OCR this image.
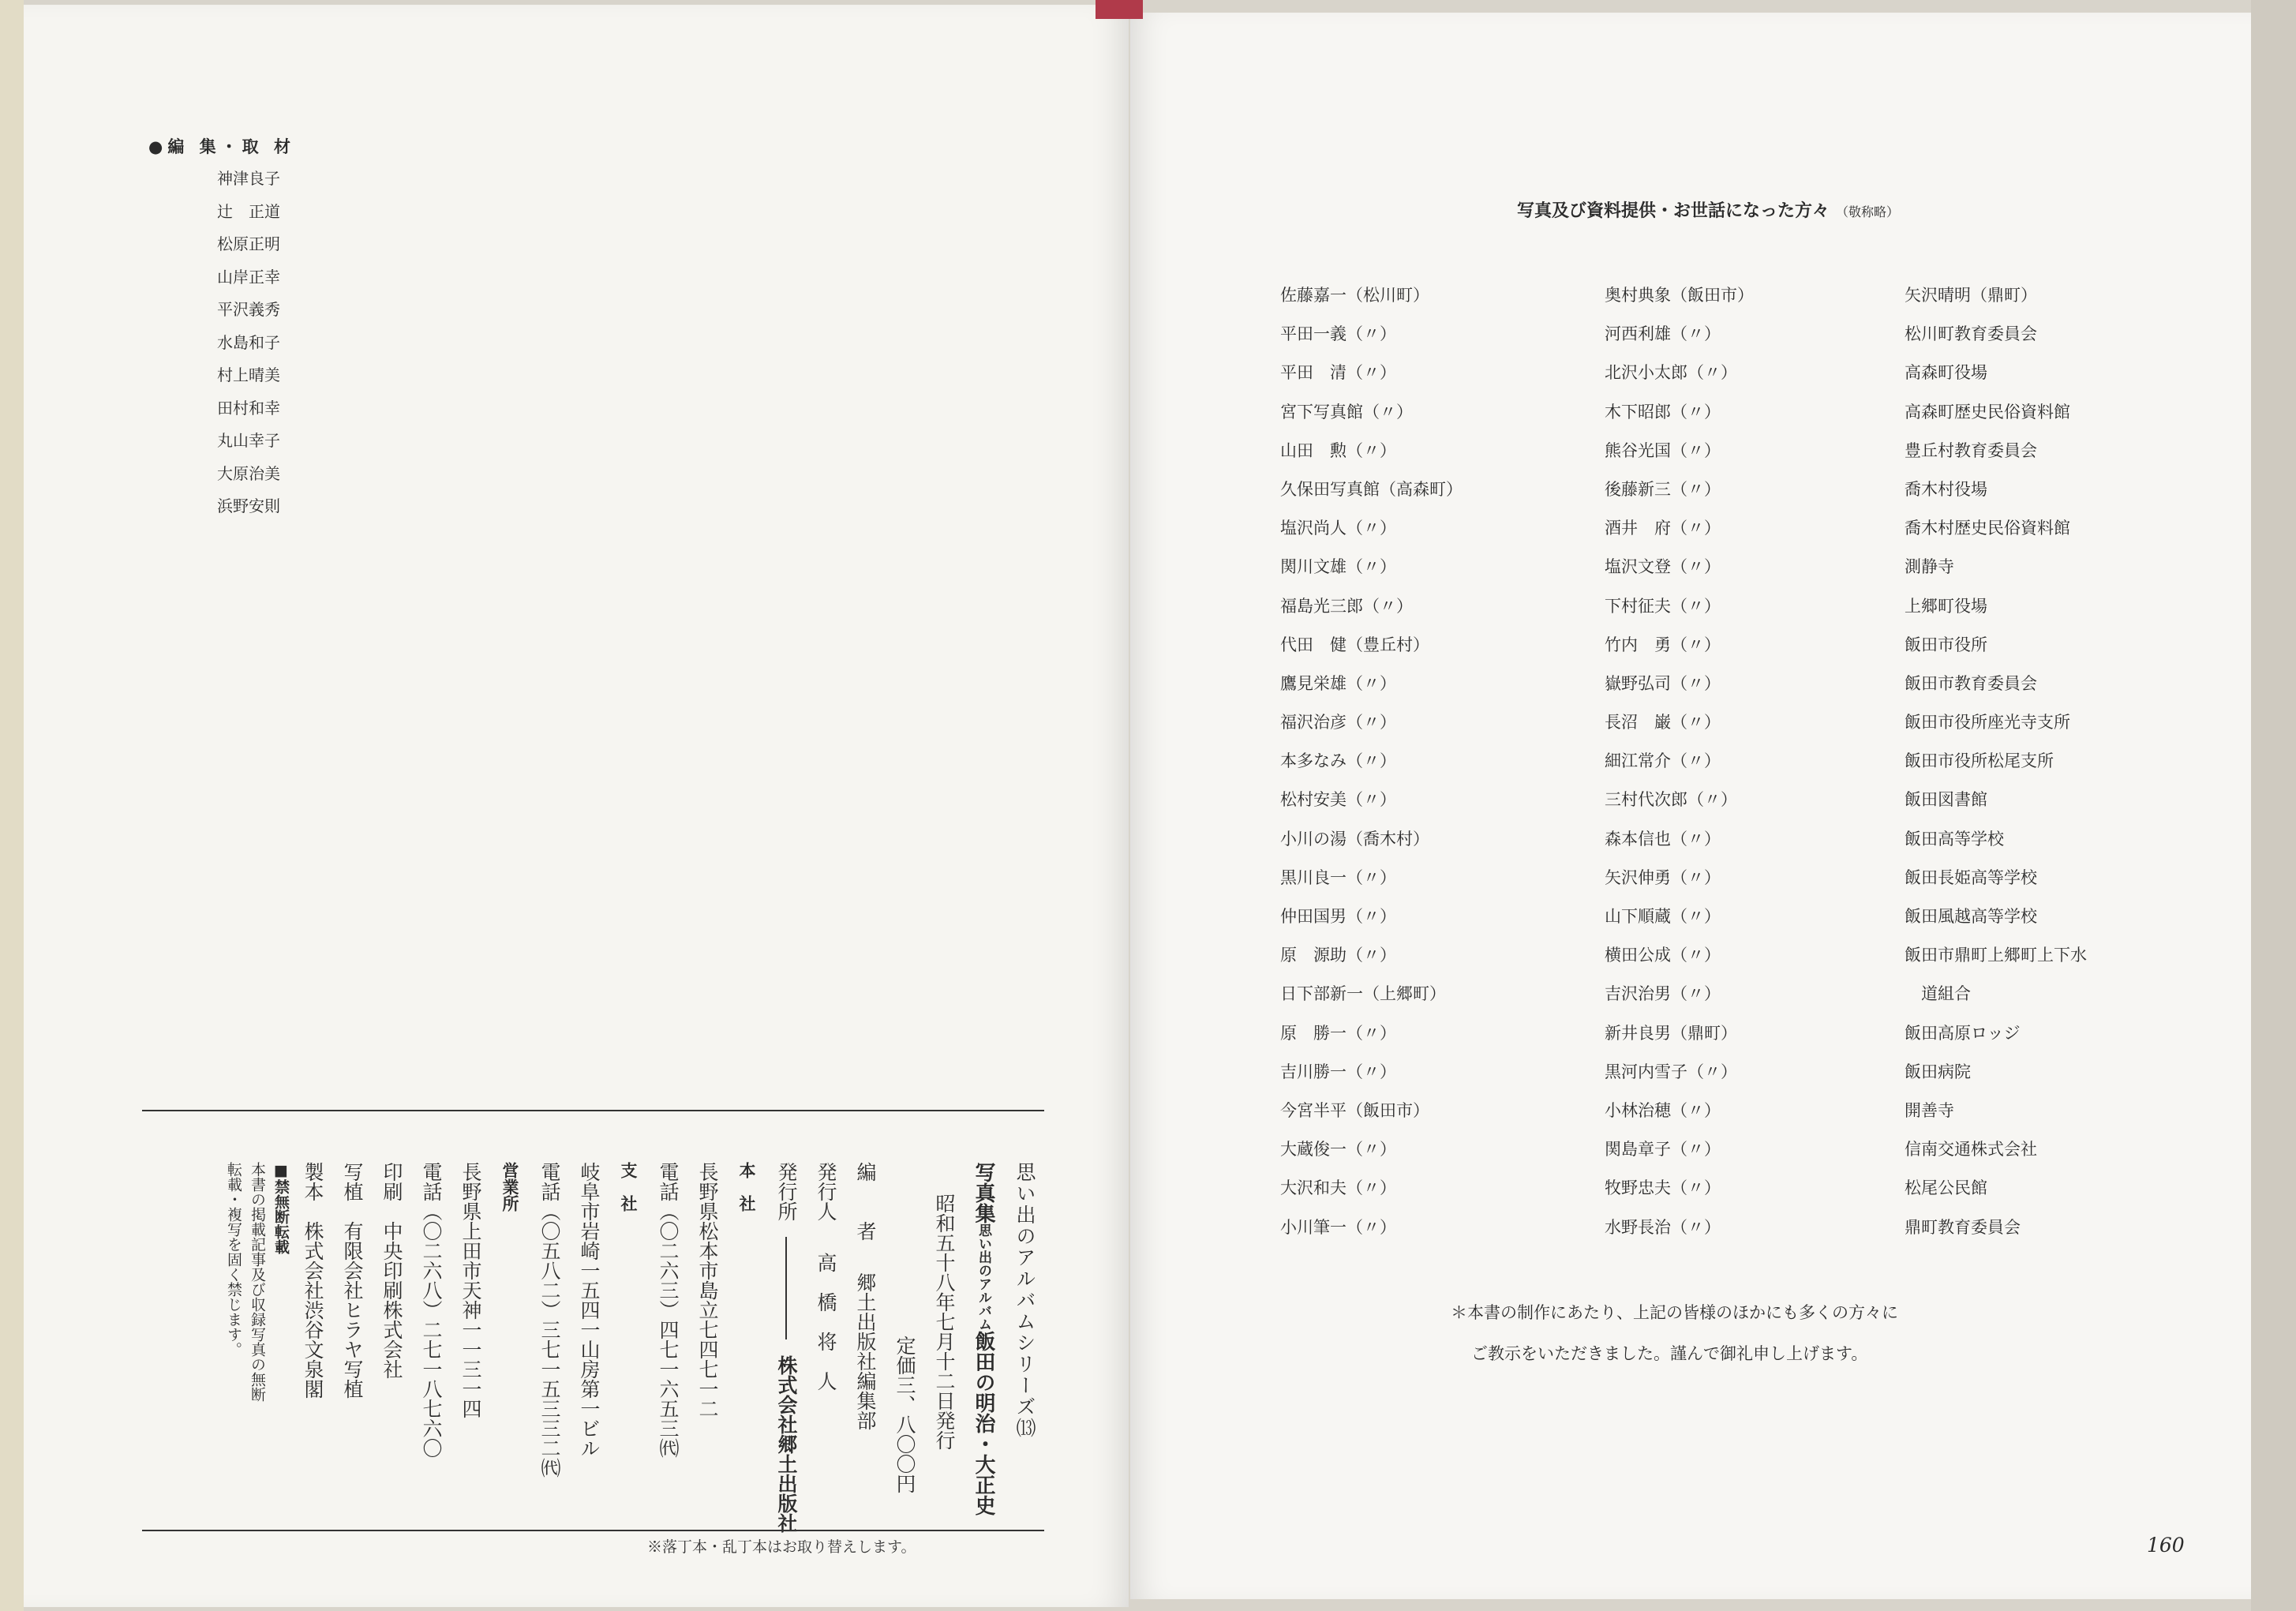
●編 集・取 材
神津良子
辻　正道
松原正明
山岸正幸
平沢義秀
水島和子
村上晴美
田村和幸
丸山幸子
大原治美
浜野安則
思い出のアルバムシリーズ⒀
写真集思い出のアルバム飯田の明治・大正史
昭和五十八年七月十二日発行
定価三、八〇〇円
編　　者郷土出版社編集部
発行人高　橋　将　人
発行所株式会社郷土出版社
本　社
長野県松本市島立七四七一二
電話（〇二六三）四七一六五三㈹
支　社
岐阜市岩崎一五四一山房第一ビル
電話（〇五八二）三七一五三三二㈹
営業所
長野県上田市天神一一三一四
電話（〇二六八）二七一八七六〇
印刷　中央印刷株式会社
写植　有限会社ヒラヤ写植
製本　株式会社渋谷文泉閣
■禁無断転載
本書の掲載記事及び収録写真の無断
転載・複写を固く禁じます。
※落丁本・乱丁本はお取り替えします。
写真及び資料提供・お世話になった方々 （敬称略）
佐藤嘉一（松川町）
平田一義（〃）
平田　清（〃）
宮下写真館（〃）
山田　勲（〃）
久保田写真館（高森町）
塩沢尚人（〃）
関川文雄（〃）
福島光三郎（〃）
代田　健（豊丘村）
鷹見栄雄（〃）
福沢治彦（〃）
本多なみ（〃）
松村安美（〃）
小川の湯（喬木村）
黒川良一（〃）
仲田国男（〃）
原　源助（〃）
日下部新一（上郷町）
原　勝一（〃）
吉川勝一（〃）
今宮半平（飯田市）
大蔵俊一（〃）
大沢和夫（〃）
小川筆一（〃）
奥村典象（飯田市）
河西利雄（〃）
北沢小太郎（〃）
木下昭郎（〃）
熊谷光国（〃）
後藤新三（〃）
酒井　府（〃）
塩沢文登（〃）
下村征夫（〃）
竹内　勇（〃）
嶽野弘司（〃）
長沼　巌（〃）
細江常介（〃）
三村代次郎（〃）
森本信也（〃）
矢沢伸勇（〃）
山下順蔵（〃）
横田公成（〃）
吉沢治男（〃）
新井良男（鼎町）
黒河内雪子（〃）
小林治穂（〃）
関島章子（〃）
牧野忠夫（〃）
水野長治（〃）
矢沢晴明（鼎町）
松川町教育委員会
高森町役場
高森町歴史民俗資料館
豊丘村教育委員会
喬木村役場
喬木村歴史民俗資料館
測静寺
上郷町役場
飯田市役所
飯田市教育委員会
飯田市役所座光寺支所
飯田市役所松尾支所
飯田図書館
飯田高等学校
飯田長姫高等学校
飯田風越高等学校
飯田市鼎町上郷町上下水
　道組合
飯田高原ロッジ
飯田病院
開善寺
信南交通株式会社
松尾公民館
鼎町教育委員会
＊本書の制作にあたり、上記の皆様のほかにも多くの方々に
ご教示をいただきました。謹んで御礼申し上げます。
160
